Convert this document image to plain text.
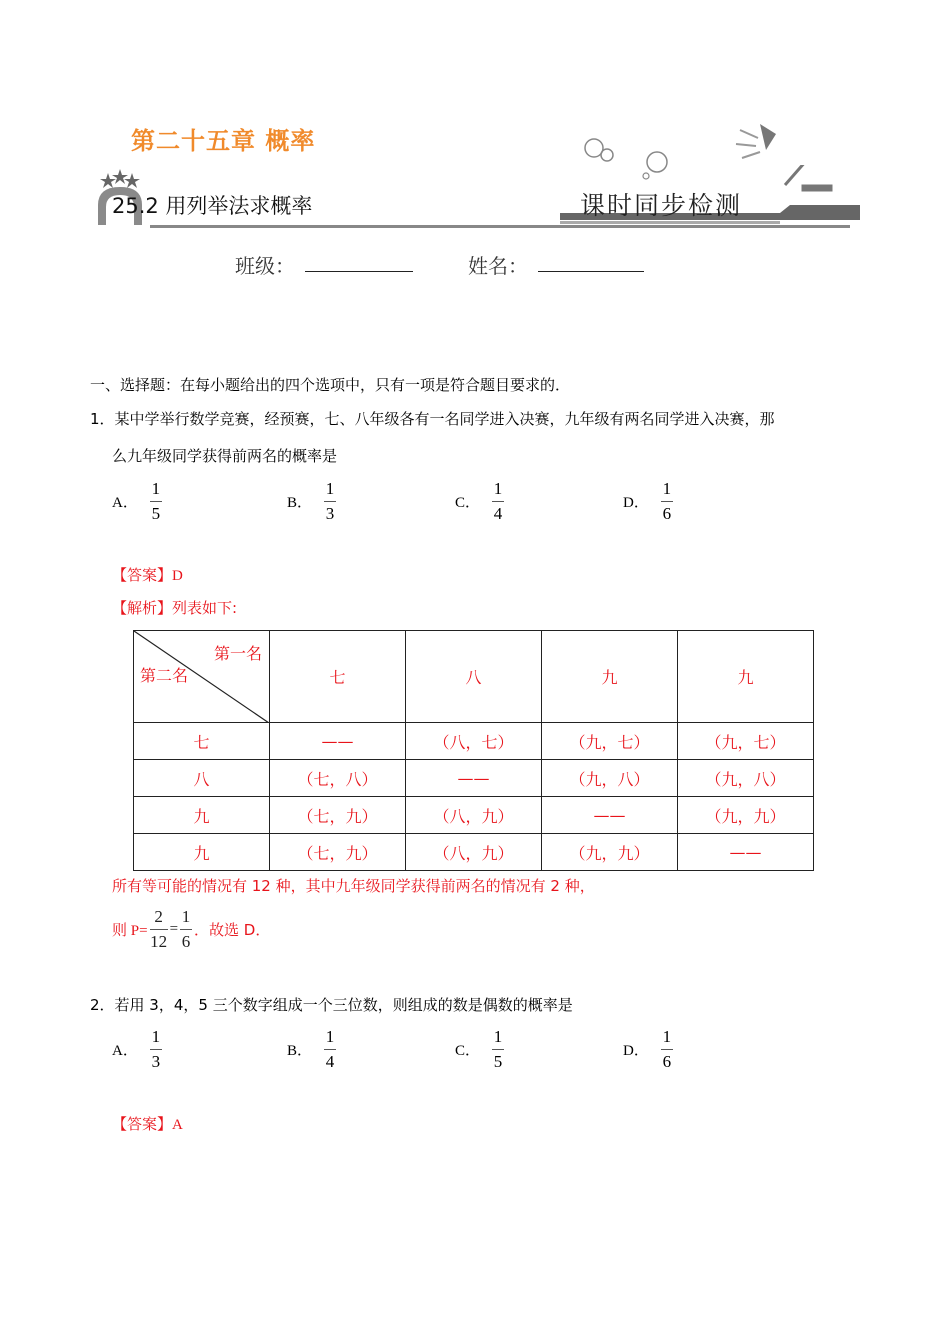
第二十五章 概率
25.2 用列举法求概率	课时同步检测
班级：	姓名：
一、选择题：在每小题给出的四个选项中，只有一项是符合题目要求的．
1．某中学举行数学竞赛，经预赛，七、八年级各有一名同学进入决赛，九年级有两名同学进入决赛，那
么九年级同学获得前两名的概率是
A． $\frac{1}{5}$	B． $\frac{1}{3}$	C． $\frac{1}{4}$	D． $\frac{1}{6}$
【答案】D
【解析】列表如下:
第一名
第二名	七	八	九	九
七	——	（八，七）	（九，七）	（九，七）
八	（七，八）	——	（九，八）	（九，八）
九	（七，九）	（八，九）	——	（九，九）
九	（七，九）	（八，九）	（九，九）	——
所有等可能的情况有 12 种，其中九年级同学获得前两名的情况有 2 种，
则 $P= \frac{2}{12} = \frac{1}{6}$ ．故选 D．
2．若用 3，4，5 三个数字组成一个三位数，则组成的数是偶数的概率是
A． $\frac{1}{3}$	B． $\frac{1}{4}$	C． $\frac{1}{5}$	D． $\frac{1}{6}$
【答案】A
